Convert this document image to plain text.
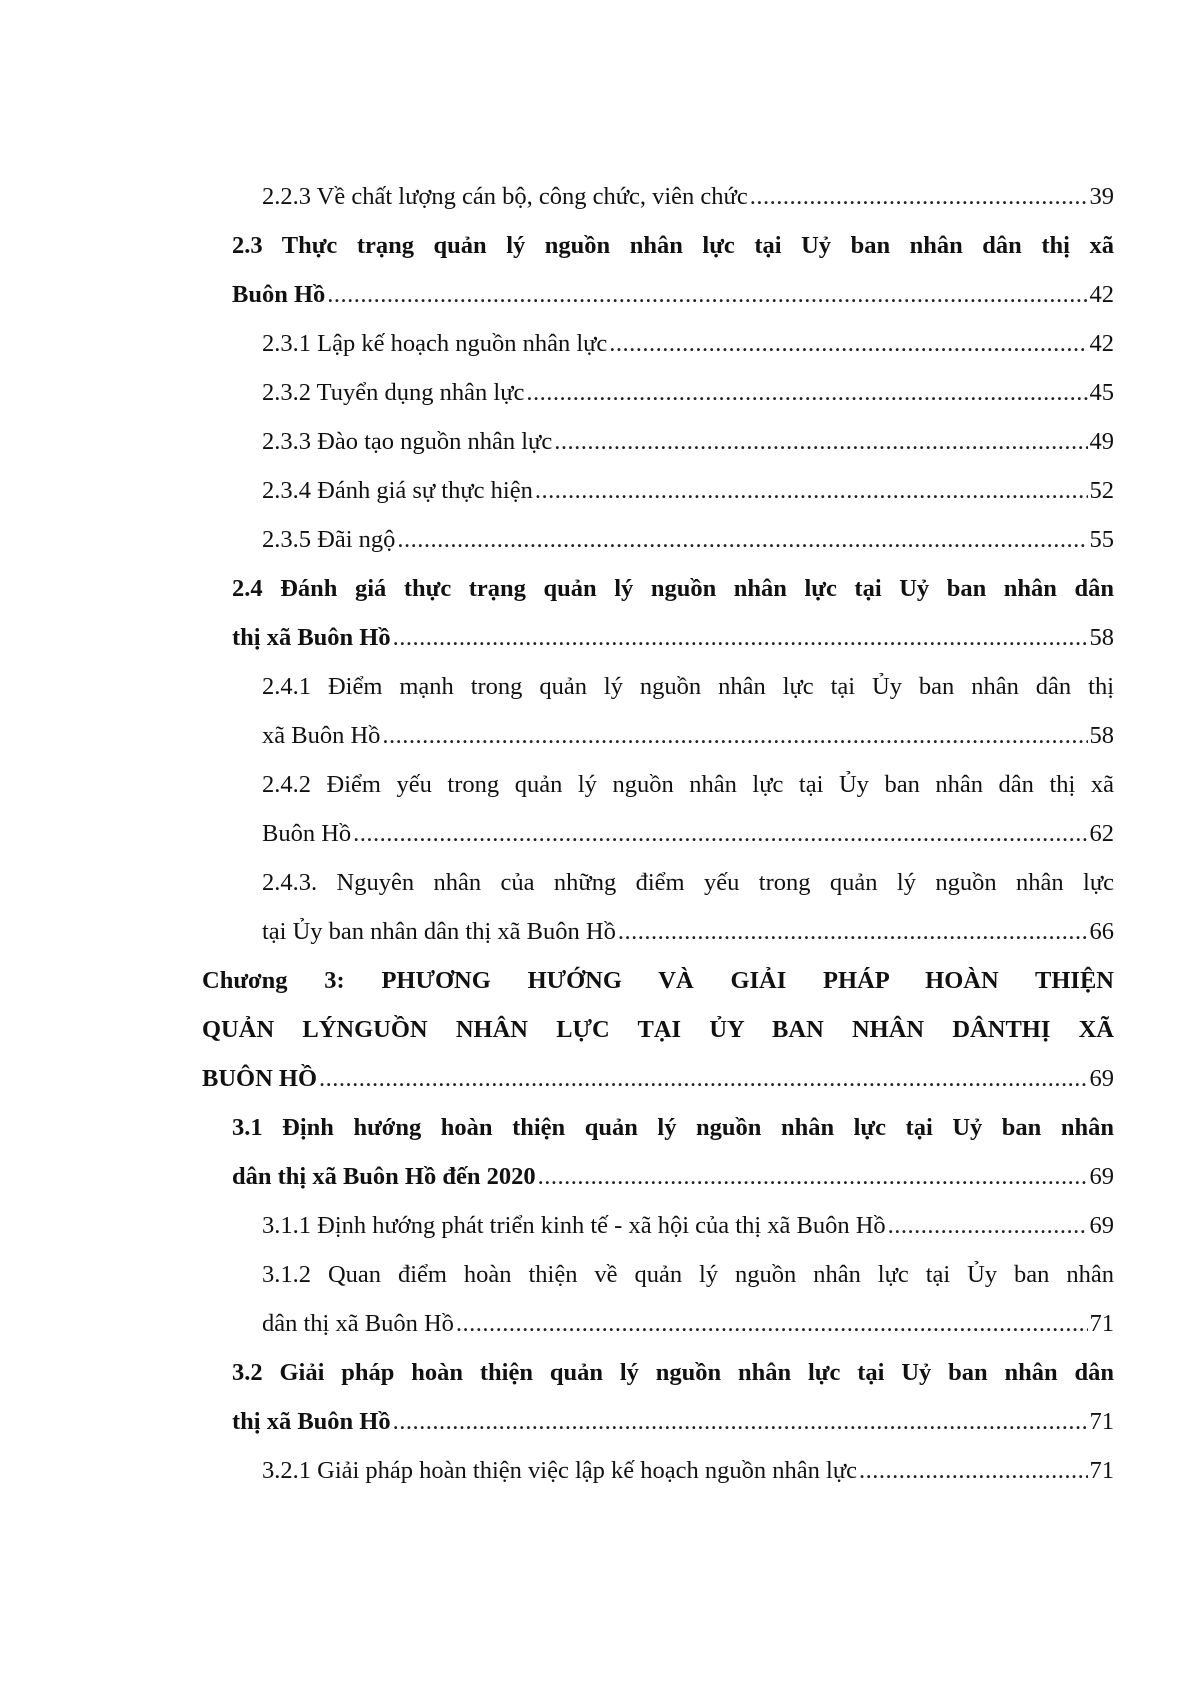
2.2.3 Về chất lượng cán bộ, công chức, viên chức .....	39
2.3 Thực trạng quản lý nguồn nhân lực tại Uỷ ban nhân dân thị xã
Buôn Hồ .....	42
2.3.1 Lập kế hoạch nguồn nhân lực .....	42
2.3.2 Tuyển dụng nhân lực .....	45
2.3.3 Đào tạo nguồn nhân lực .....	49
2.3.4 Đánh giá sự thực hiện .....	52
2.3.5 Đãi ngộ .....	55
2.4 Đánh giá thực trạng quản lý nguồn nhân lực tại Uỷ ban nhân dân
thị xã Buôn Hồ .....	58
2.4.1 Điểm mạnh trong quản lý nguồn nhân lực tại Ủy ban nhân dân thị
xã Buôn Hồ .....	58
2.4.2 Điểm yếu trong quản lý nguồn nhân lực tại Ủy ban nhân dân thị xã
Buôn Hồ .....	62
2.4.3. Nguyên nhân của những điểm yếu trong quản lý nguồn nhân lực
tại Ủy ban nhân dân thị xã Buôn Hồ .....	66
Chương 3: PHƯƠNG HƯỚNG VÀ GIẢI PHÁP HOÀN THIỆN
QUẢN LÝNGUỒN NHÂN LỰC TẠI ỦY BAN NHÂN DÂNTHỊ XÃ
BUÔN HỒ .....	69
3.1 Định hướng hoàn thiện quản lý nguồn nhân lực tại Uỷ ban nhân
dân thị xã Buôn Hồ đến 2020 .....	69
3.1.1 Định hướng phát triển kinh tế - xã hội của thị xã Buôn Hồ .....	69
3.1.2 Quan điểm hoàn thiện về quản lý nguồn nhân lực tại Ủy ban nhân
dân thị xã Buôn Hồ .....	71
3.2 Giải pháp hoàn thiện quản lý nguồn nhân lực tại Uỷ ban nhân dân
thị xã Buôn Hồ .....	71
3.2.1 Giải pháp hoàn thiện việc lập kế hoạch nguồn nhân lực .....	71
